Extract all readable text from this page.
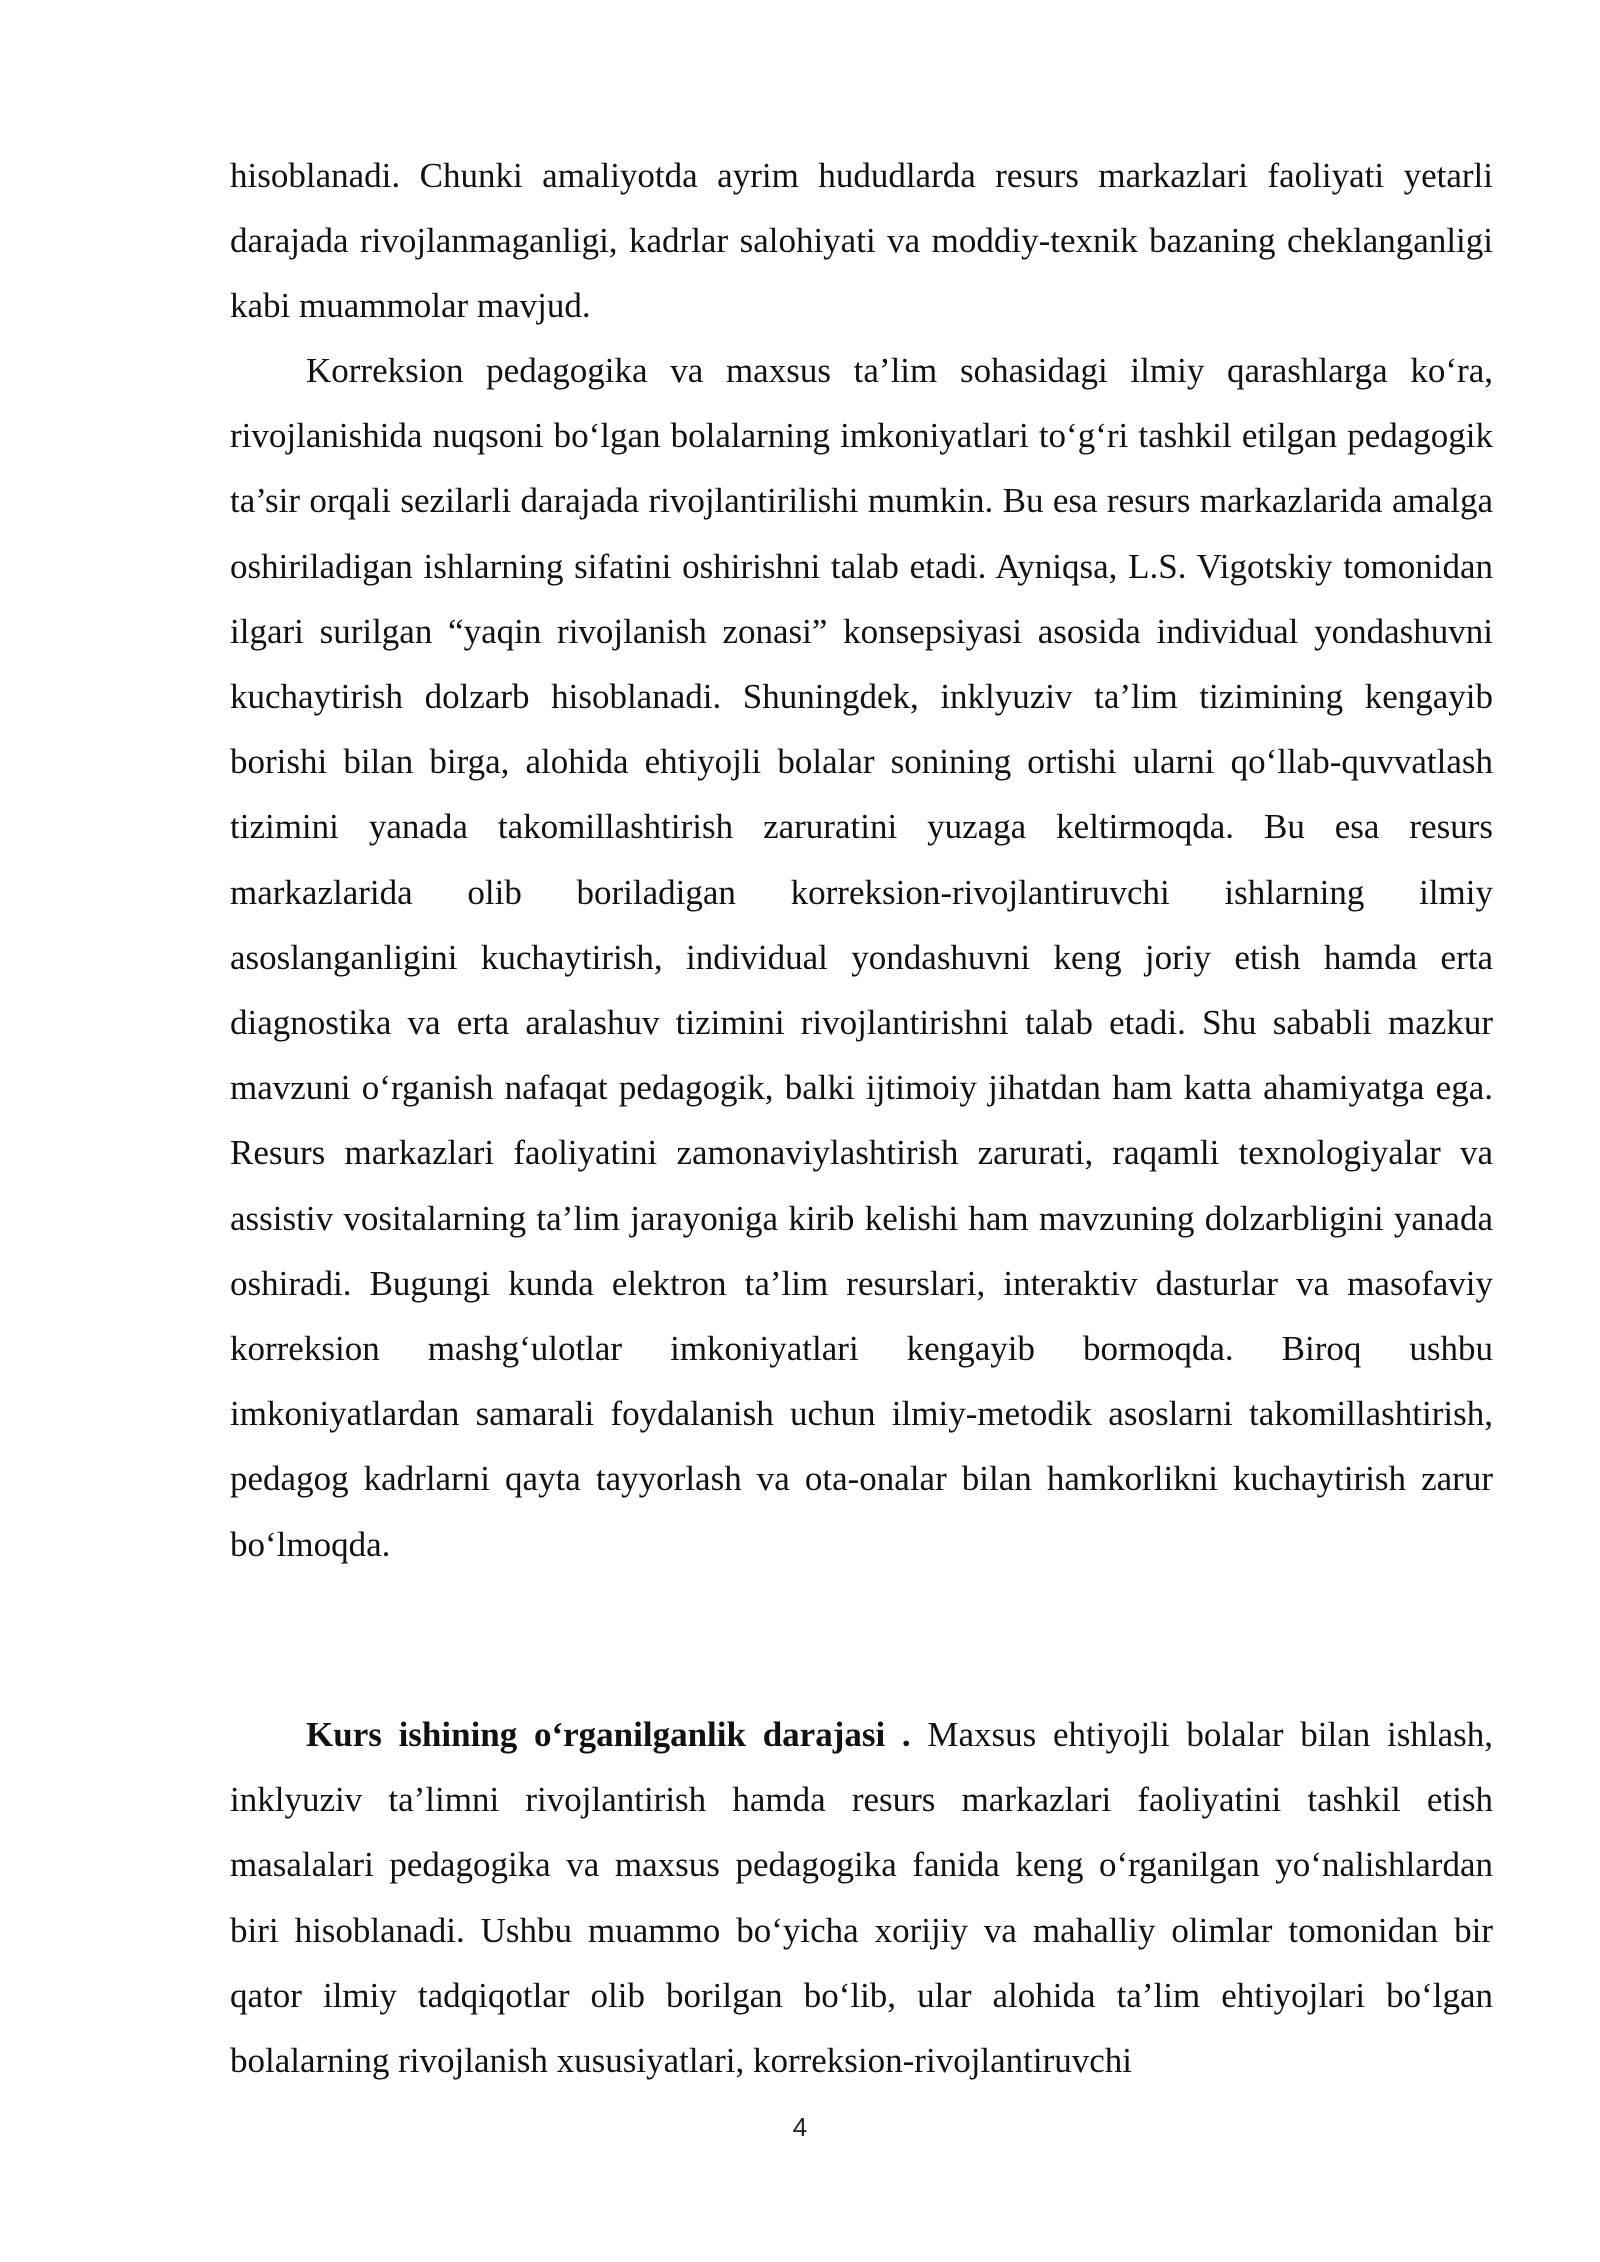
hisoblanadi. Chunki amaliyotda ayrim hududlarda resurs markazlari faoliyati yetarli darajada rivojlanmaganligi, kadrlar salohiyati va moddiy-texnik bazaning cheklanganligi kabi muammolar mavjud.

Korreksion pedagogika va maxsus ta’lim sohasidagi ilmiy qarashlarga ko‘ra, rivojlanishida nuqsoni bo‘lgan bolalarning imkoniyatlari to‘g‘ri tashkil etilgan pedagogik ta’sir orqali sezilarli darajada rivojlantirilishi mumkin. Bu esa resurs markazlarida amalga oshiriladigan ishlarning sifatini oshirishni talab etadi. Ayniqsa, L.S. Vigotskiy tomonidan ilgari surilgan “yaqin rivojlanish zonasi” konsepsiyasi asosida individual yondashuvni kuchaytirish dolzarb hisoblanadi. Shuningdek, inklyuziv ta’lim tizimining kengayib borishi bilan birga, alohida ehtiyojli bolalar sonining ortishi ularni qo‘llab-quvvatlash tizimini yanada takomillashtirish zaruratini yuzaga keltirmoqda. Bu esa resurs markazlarida olib boriladigan korreksion-rivojlantiruvchi ishlarning ilmiy asoslanganligini kuchaytirish, individual yondashuvni keng joriy etish hamda erta diagnostika va erta aralashuv tizimini rivojlantirishni talab etadi. Shu sababli mazkur mavzuni o‘rganish nafaqat pedagogik, balki ijtimoiy jihatdan ham katta ahamiyatga ega. Resurs markazlari faoliyatini zamonaviylashtirish zarurati, raqamli texnologiyalar va assistiv vositalarning ta’lim jarayoniga kirib kelishi ham mavzuning dolzarbligini yanada oshiradi. Bugungi kunda elektron ta’lim resurslari, interaktiv dasturlar va masofaviy korreksion mashg‘ulotlar imkoniyatlari kengayib bormoqda. Biroq ushbu imkoniyatlardan samarali foydalanish uchun ilmiy-metodik asoslarni takomillashtirish, pedagog kadrlarni qayta tayyorlash va ota-onalar bilan hamkorlikni kuchaytirish zarur bo‘lmoqda.

Kurs ishining o‘rganilganlik darajasi . Maxsus ehtiyojli bolalar bilan ishlash, inklyuziv ta’limni rivojlantirish hamda resurs markazlari faoliyatini tashkil etish masalalari pedagogika va maxsus pedagogika fanida keng o‘rganilgan yo‘nalishlardan biri hisoblanadi. Ushbu muammo bo‘yicha xorijiy va mahalliy olimlar tomonidan bir qator ilmiy tadqiqotlar olib borilgan bo‘lib, ular alohida ta’lim ehtiyojlari bo‘lgan bolalarning rivojlanish xususiyatlari, korreksion-rivojlantiruvchi

4
